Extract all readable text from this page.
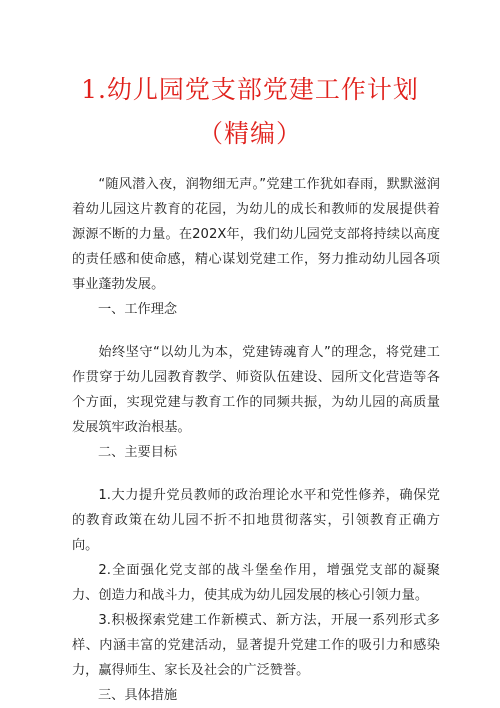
1.幼儿园党支部党建工作计划
（精编）

“随风潜入夜，润物细无声。”党建工作犹如春雨，默默滋润着幼儿园这片教育的花园，为幼儿的成长和教师的发展提供着源源不断的力量。在202X年，我们幼儿园党支部将持续以高度的责任感和使命感，精心谋划党建工作，努力推动幼儿园各项事业蓬勃发展。

一、工作理念

始终坚守“以幼儿为本，党建铸魂育人”的理念，将党建工作贯穿于幼儿园教育教学、师资队伍建设、园所文化营造等各个方面，实现党建与教育工作的同频共振，为幼儿园的高质量发展筑牢政治根基。

二、主要目标

1.大力提升党员教师的政治理论水平和党性修养，确保党的教育政策在幼儿园不折不扣地贯彻落实，引领教育正确方向。

2.全面强化党支部的战斗堡垒作用，增强党支部的凝聚力、创造力和战斗力，使其成为幼儿园发展的核心引领力量。

3.积极探索党建工作新模式、新方法，开展一系列形式多样、内涵丰富的党建活动，显著提升党建工作的吸引力和感染力，赢得师生、家长及社会的广泛赞誉。

三、具体措施
